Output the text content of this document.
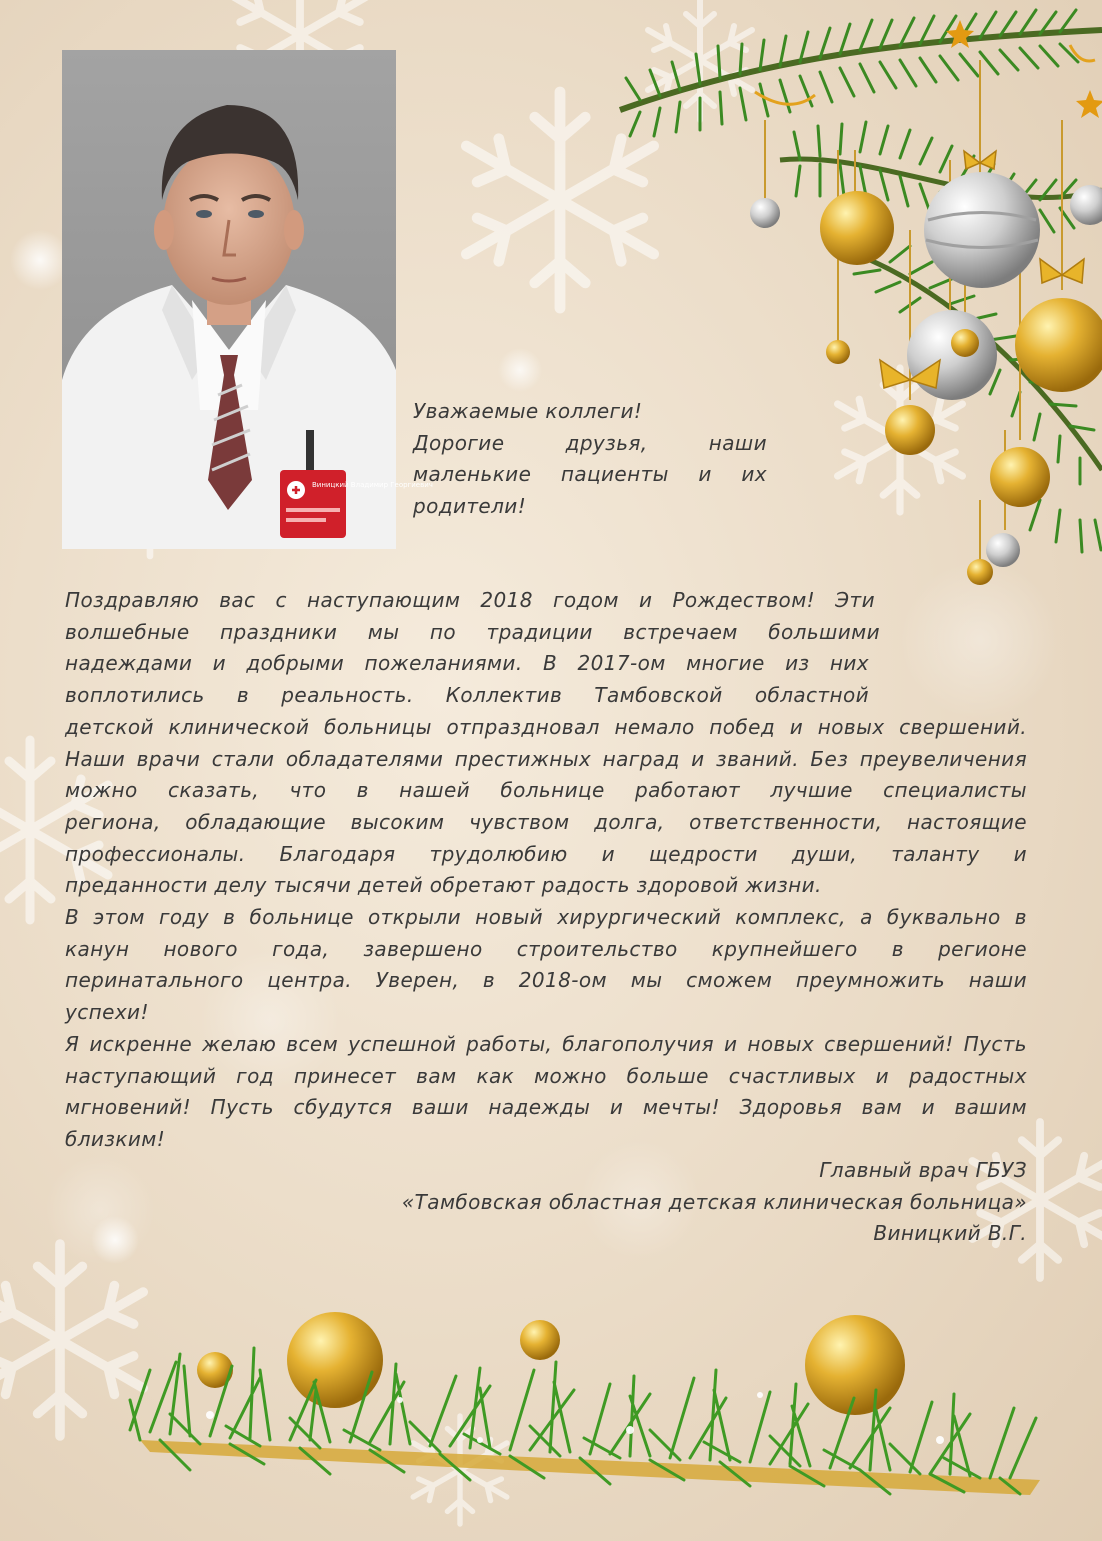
Виницкий Владимир Георгиевич

Уважаемые коллеги!

Дорогие друзья, наши

маленькие пациенты и их

родители!

Поздравляю вас с наступающим 2018 годом и Рождеством! Эти
волшебные праздники мы по традиции встречаем большими
надеждами и добрыми пожеланиями. В 2017-ом многие из них
воплотились в реальность. Коллектив Тамбовской областной
детской клинической больницы отпраздновал немало побед и новых свершений.
Наши врачи стали обладателями престижных наград и званий. Без преувеличения
можно сказать, что в нашей больнице работают лучшие специалисты
региона, обладающие высоким чувством долга, ответственности, настоящие
профессионалы. Благодаря трудолюбию и щедрости души, таланту и
преданности делу тысячи детей обретают радость здоровой жизни.
В этом году в больнице открыли новый хирургический комплекс, а буквально в
канун нового года, завершено строительство крупнейшего в регионе
перинатального центра. Уверен, в 2018-ом мы сможем преумножить наши
успехи!
Я искренне желаю всем успешной работы, благополучия и новых свершений! Пусть
наступающий год принесет вам как можно больше счастливых и радостных
мгновений! Пусть сбудутся ваши надежды и мечты! Здоровья вам и вашим
близким!
Главный врач ГБУЗ
«Тамбовская областная детская клиническая больница»
Виницкий В.Г.
